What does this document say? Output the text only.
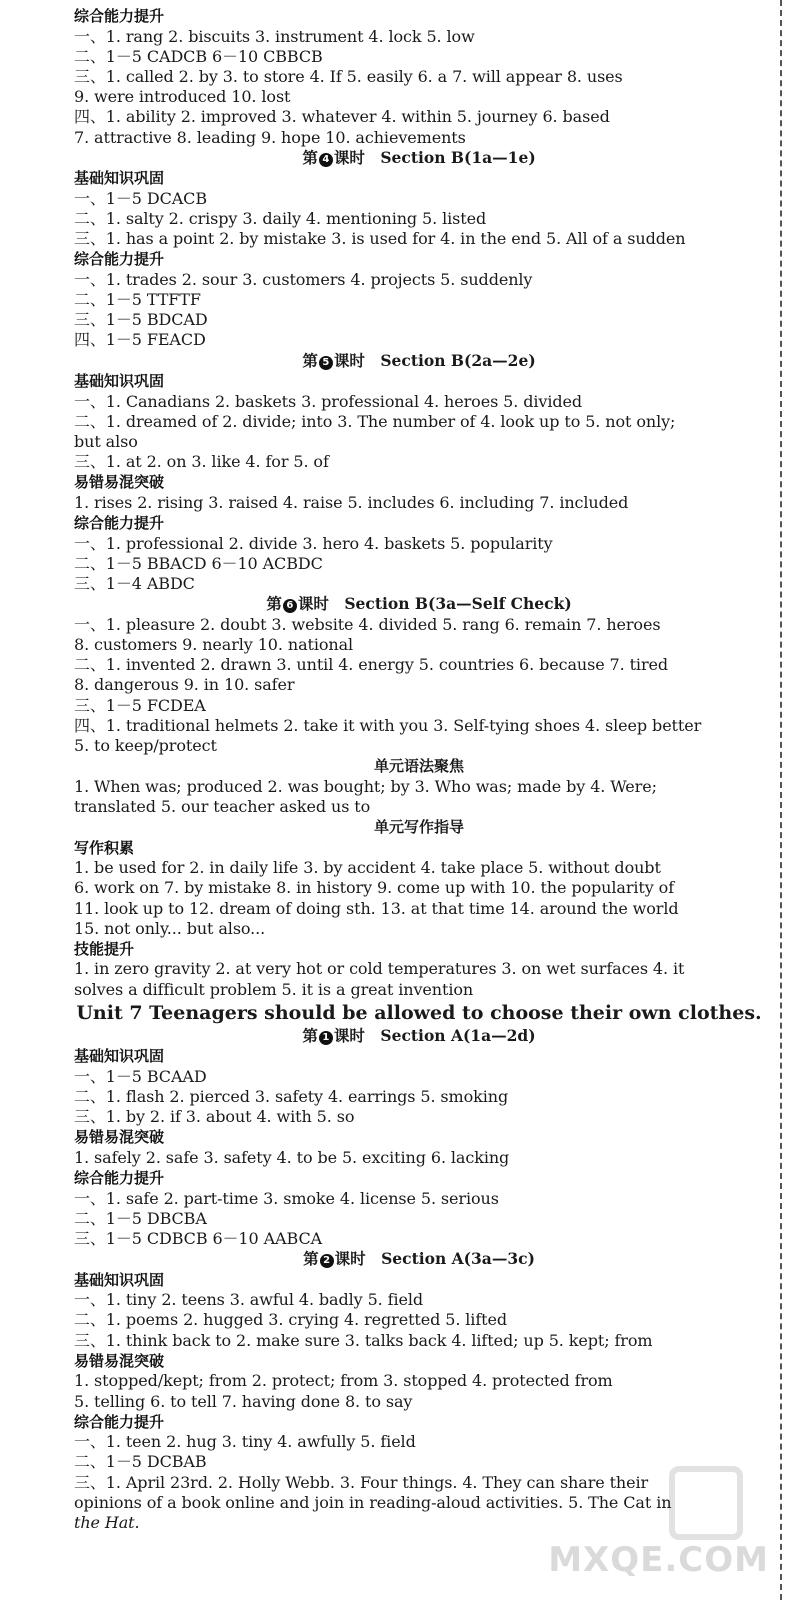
MXQE.COM
综合能力提升
一、1. rang 2. biscuits 3. instrument 4. lock 5. low
二、1－5 CADCB 6－10 CBBCB
三、1. called 2. by 3. to store 4. If 5. easily 6. a 7. will appear 8. uses
9. were introduced 10. lost
四、1. ability 2. improved 3. whatever 4. within 5. journey 6. based
7. attractive 8. leading 9. hope 10. achievements
第 4 课时  Section B(1a—1e)
基础知识巩固
一、1－5 DCACB
二、1. salty 2. crispy 3. daily 4. mentioning 5. listed
三、1. has a point 2. by mistake 3. is used for 4. in the end 5. All of a sudden
综合能力提升
一、1. trades 2. sour 3. customers 4. projects 5. suddenly
二、1－5 TTFTF
三、1－5 BDCAD
四、1－5 FEACD
第 5 课时  Section B(2a—2e)
基础知识巩固
一、1. Canadians 2. baskets 3. professional 4. heroes 5. divided
二、1. dreamed of 2. divide; into 3. The number of 4. look up to 5. not only;
but also
三、1. at 2. on 3. like 4. for 5. of
易错易混突破
1. rises 2. rising 3. raised 4. raise 5. includes 6. including 7. included
综合能力提升
一、1. professional 2. divide 3. hero 4. baskets 5. popularity
二、1－5 BBACD 6－10 ACBDC
三、1－4 ABDC
第 6 课时  Section B(3a—Self Check)
一、1. pleasure 2. doubt 3. website 4. divided 5. rang 6. remain 7. heroes
8. customers 9. nearly 10. national
二、1. invented 2. drawn 3. until 4. energy 5. countries 6. because 7. tired
8. dangerous 9. in 10. safer
三、1－5 FCDEA
四、1. traditional helmets 2. take it with you 3. Self-tying shoes 4. sleep better
5. to keep/protect
单元语法聚焦
1. When was; produced 2. was bought; by 3. Who was; made by 4. Were;
translated 5. our teacher asked us to
单元写作指导
写作积累
1. be used for 2. in daily life 3. by accident 4. take place 5. without doubt
6. work on 7. by mistake 8. in history 9. come up with 10. the popularity of
11. look up to 12. dream of doing sth. 13. at that time 14. around the world
15. not only... but also...
技能提升
1. in zero gravity 2. at very hot or cold temperatures 3. on wet surfaces 4. it
solves a difficult problem 5. it is a great invention
Unit 7 Teenagers should be allowed to choose their own clothes.
第 1 课时  Section A(1a—2d)
基础知识巩固
一、1－5 BCAAD
二、1. flash 2. pierced 3. safety 4. earrings 5. smoking
三、1. by 2. if 3. about 4. with 5. so
易错易混突破
1. safely 2. safe 3. safety 4. to be 5. exciting 6. lacking
综合能力提升
一、1. safe 2. part-time 3. smoke 4. license 5. serious
二、1－5 DBCBA
三、1－5 CDBCB 6－10 AABCA
第 2 课时  Section A(3a—3c)
基础知识巩固
一、1. tiny 2. teens 3. awful 4. badly 5. field
二、1. poems 2. hugged 3. crying 4. regretted 5. lifted
三、1. think back to 2. make sure 3. talks back 4. lifted; up 5. kept; from
易错易混突破
1. stopped/kept; from 2. protect; from 3. stopped 4. protected from
5. telling 6. to tell 7. having done 8. to say
综合能力提升
一、1. teen 2. hug 3. tiny 4. awfully 5. field
二、1－5 DCBAB
三、1. April 23rd. 2. Holly Webb. 3. Four things. 4. They can share their
opinions of a book online and join in reading-aloud activities. 5. The Cat in
the Hat.
